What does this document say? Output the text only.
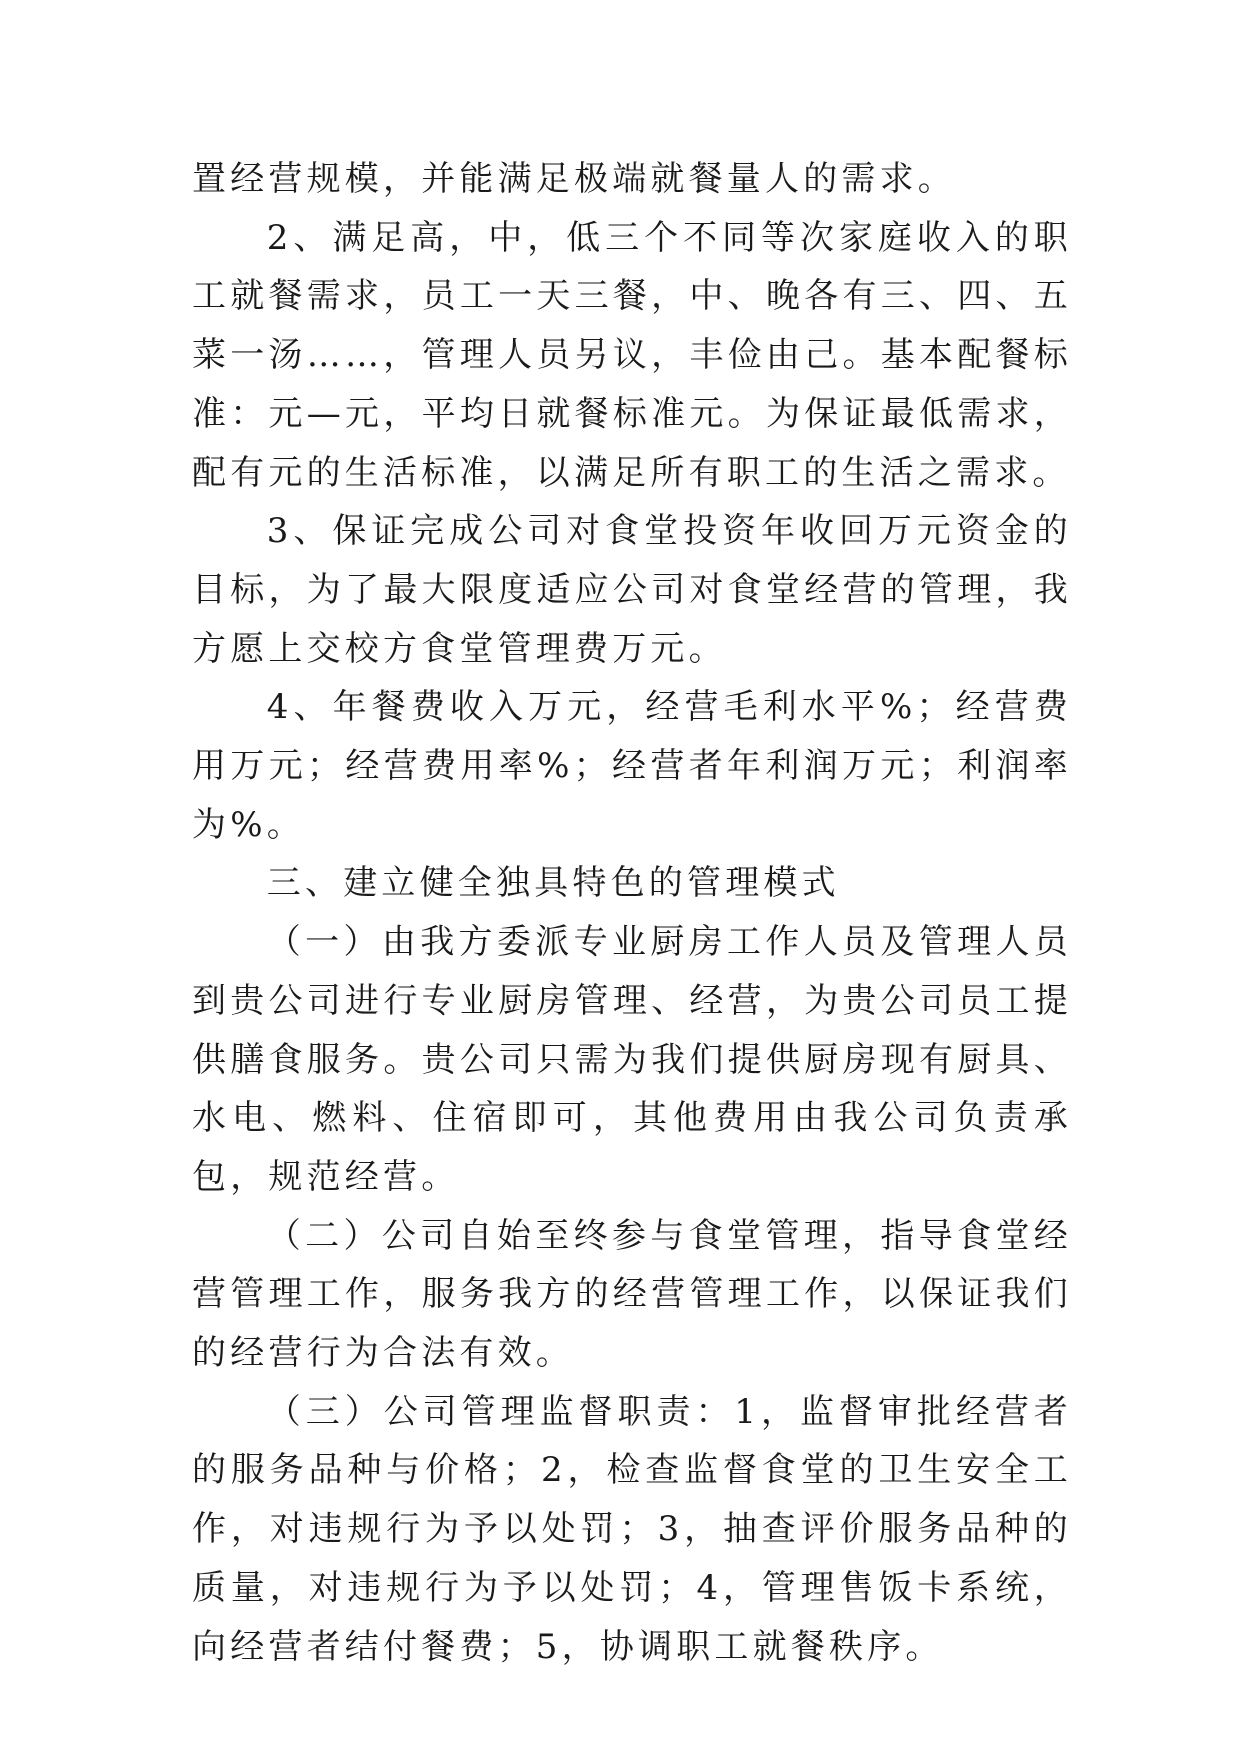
置经营规模，并能满足极端就餐量人的需求。

2、满足高，中，低三个不同等次家庭收入的职工就餐需求，员工一天三餐，中、晚各有三、四、五菜一汤……，管理人员另议，丰俭由己。基本配餐标准：元—元，平均日就餐标准元。为保证最低需求，配有元的生活标准，以满足所有职工的生活之需求。

3、保证完成公司对食堂投资年收回万元资金的目标，为了最大限度适应公司对食堂经营的管理，我方愿上交校方食堂管理费万元。

4、年餐费收入万元，经营毛利水平%；经营费用万元；经营费用率%；经营者年利润万元；利润率为%。

三、建立健全独具特色的管理模式

（一）由我方委派专业厨房工作人员及管理人员到贵公司进行专业厨房管理、经营，为贵公司员工提供膳食服务。贵公司只需为我们提供厨房现有厨具、水电、燃料、住宿即可，其他费用由我公司负责承包，规范经营。

（二）公司自始至终参与食堂管理，指导食堂经营管理工作，服务我方的经营管理工作，以保证我们的经营行为合法有效。

（三）公司管理监督职责：1，监督审批经营者的服务品种与价格；2，检查监督食堂的卫生安全工作，对违规行为予以处罚；3，抽查评价服务品种的质量，对违规行为予以处罚；4，管理售饭卡系统，向经营者结付餐费；5，协调职工就餐秩序。
